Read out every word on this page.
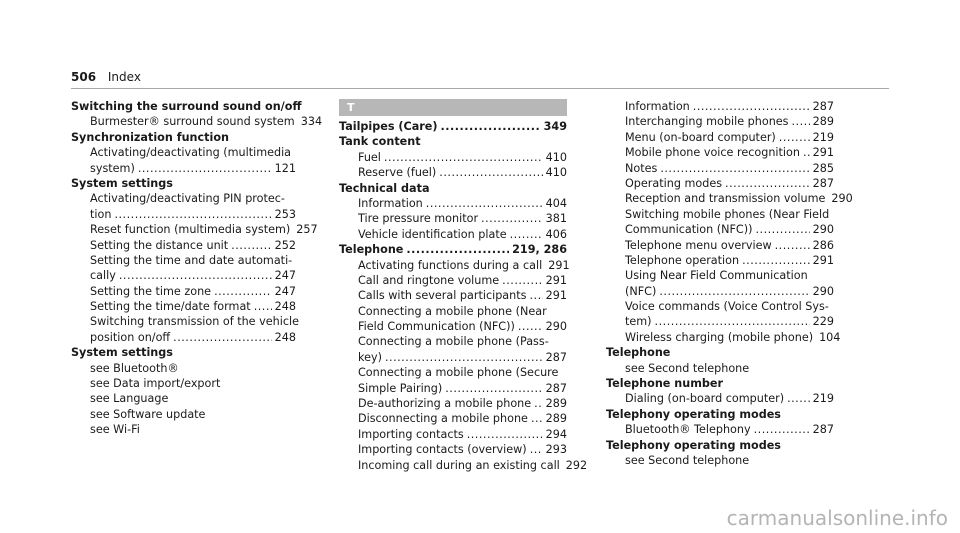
506 Index
Switching the surround sound on/off
Burmester® surround sound system 334
Synchronization function
Activating/deactivating (multimedia
system) .....	121
System settings
Activating/deactivating PIN protec-
tion .....	253
Reset function (multimedia system) 257
Setting the distance unit .....	252
Setting the time and date automati-
cally .....	247
Setting the time zone .....	247
Setting the time/date format ..... 248
Switching transmission of the vehicle
position on/off .....	248
System settings
see Bluetooth®
see Data import/export
see Language
see Software update
see Wi-Fi
T
Tailpipes (Care) .....	349
Tank content
Fuel .....	410
Reserve (fuel) .....	410
Technical data
Information .....	404
Tire pressure monitor .....	381
Vehicle identification plate .....	406
Telephone .....	219, 286
Activating functions during a call 291
Call and ringtone volume .....	291
Calls with several participants ..... 291
Connecting a mobile phone (Near
Field Communication (NFC)) .....	290
Connecting a mobile phone (Pass-
key) .....	287
Connecting a mobile phone (Secure
Simple Pairing) .....	287
De-authorizing a mobile phone ..... 289
Disconnecting a mobile phone ..... 289
Importing contacts .....	294
Importing contacts (overview) ..... 293
Incoming call during an existing call 292
Information .....	287
Interchanging mobile phones ..... 289
Menu (on-board computer) .....	219
Mobile phone voice recognition ..... 291
Notes .....	285
Operating modes .....	287
Reception and transmission volume 290
Switching mobile phones (Near Field
Communication (NFC)) .....	290
Telephone menu overview .....	286
Telephone operation .....	291
Using Near Field Communication
(NFC) .....	290
Voice commands (Voice Control Sys-
tem) .....	229
Wireless charging (mobile phone) 104
Telephone
see Second telephone
Telephone number
Dialing (on-board computer) .....	219
Telephony operating modes
Bluetooth® Telephony .....	287
Telephony operating modes
see Second telephone
carmanualsonline.info
